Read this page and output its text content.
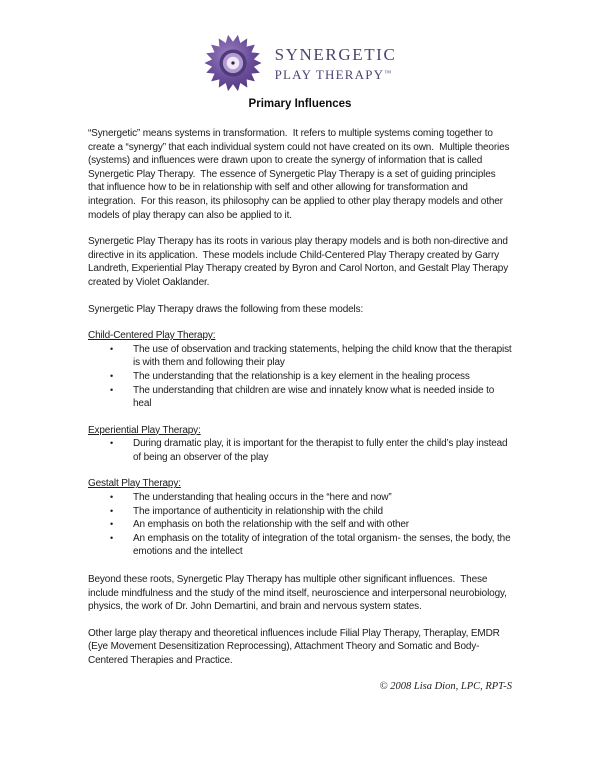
SYNERGETIC
PLAY THERAPY™
Primary Influences

“Synergetic” means systems in transformation.  It refers to multiple systems coming together to create a “synergy” that each individual system could not have created on its own.  Multiple theories (systems) and influences were drawn upon to create the synergy of information that is called Synergetic Play Therapy.  The essence of Synergetic Play Therapy is a set of guiding principles that influence how to be in relationship with self and other allowing for transformation and integration.  For this reason, its philosophy can be applied to other play therapy models and other models of play therapy can also be applied to it.

Synergetic Play Therapy has its roots in various play therapy models and is both non-directive and directive in its application.  These models include Child-Centered Play Therapy created by Garry Landreth, Experiential Play Therapy created by Byron and Carol Norton, and Gestalt Play Therapy created by Violet Oaklander.

Synergetic Play Therapy draws the following from these models:

Child-Centered Play Therapy:
•	The use of observation and tracking statements, helping the child know that the therapist is with them and following their play
•	The understanding that the relationship is a key element in the healing process
•	The understanding that children are wise and innately know what is needed inside to heal
Experiential Play Therapy:
•	During dramatic play, it is important for the therapist to fully enter the child’s play instead of being an observer of the play
Gestalt Play Therapy:
•	The understanding that healing occurs in the “here and now”
•	The importance of authenticity in relationship with the child
•	An emphasis on both the relationship with the self and with other
•	An emphasis on the totality of integration of the total organism- the senses, the body, the emotions and the intellect

Beyond these roots, Synergetic Play Therapy has multiple other significant influences.  These include mindfulness and the study of the mind itself, neuroscience and interpersonal neurobiology, physics, the work of Dr. John Demartini, and brain and nervous system states.

Other large play therapy and theoretical influences include Filial Play Therapy, Theraplay, EMDR (Eye Movement Desensitization Reprocessing), Attachment Theory and Somatic and Body-Centered Therapies and Practice.

© 2008 Lisa Dion, LPC, RPT-S
